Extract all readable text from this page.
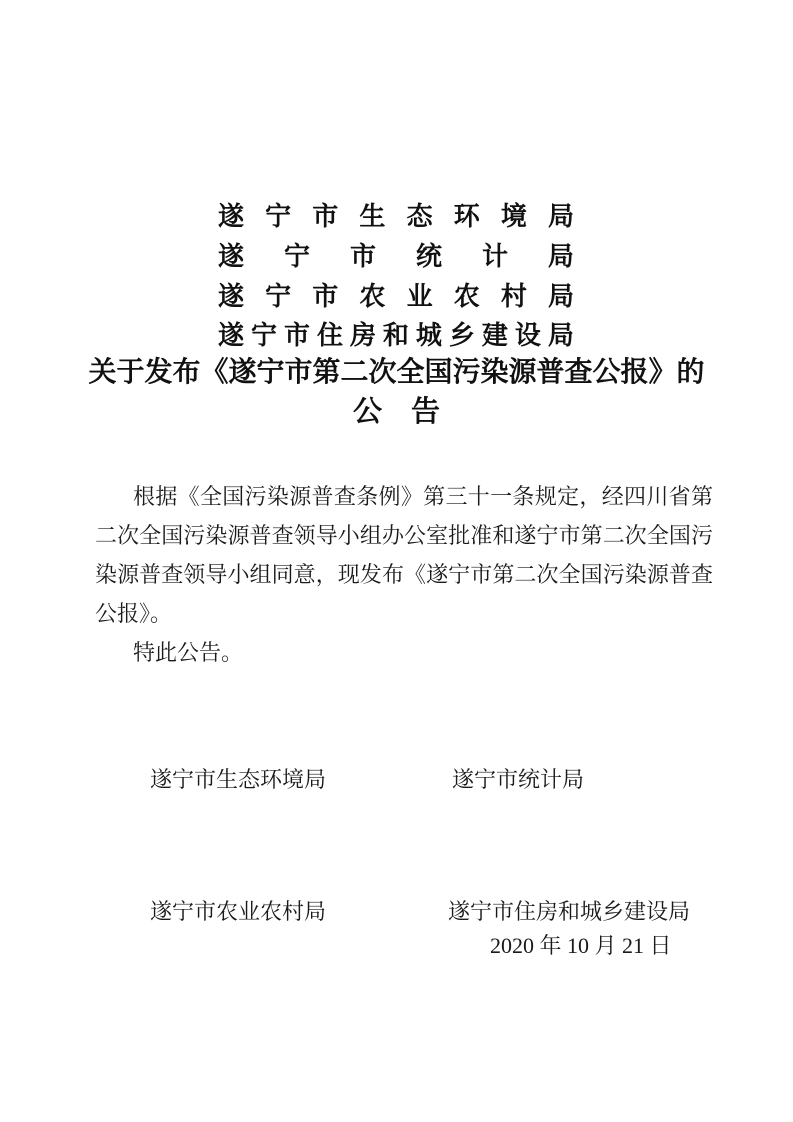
遂 宁 市 生 态 环 境 局
遂 宁 市 统 计 局
遂 宁 市 农 业 农 村 局
遂 宁 市 住 房 和 城 乡 建 设 局
关于发布《遂宁市第二次全国污染源普查公报》的
公　告

根据《全国污染源普查条例》第三十一条规定，经四川省第二次全国污染源普查领导小组办公室批准和遂宁市第二次全国污染源普查领导小组同意，现发布《遂宁市第二次全国污染源普查公报》。

特此公告。

遂宁市生态环境局	遂宁市统计局
遂宁市农业农村局	遂宁市住房和城乡建设局
2020 年 10 月 21 日
